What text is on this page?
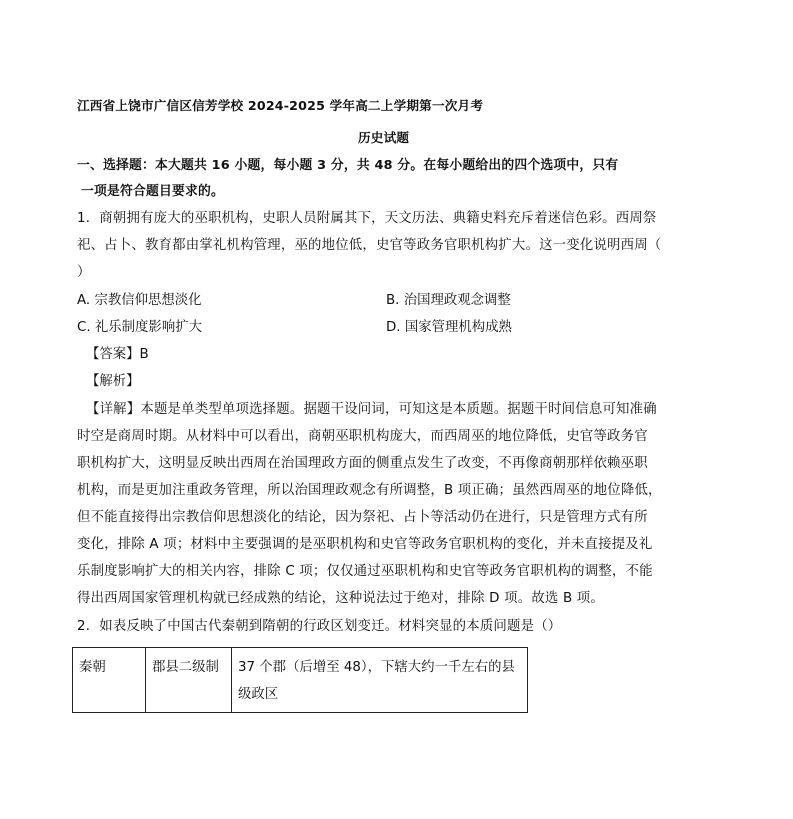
江西省上饶市广信区信芳学校 2024-2025 学年高二上学期第一次月考
历史试题
一、选择题：本大题共 16 小题，每小题 3 分，共 48 分。在每小题给出的四个选项中，只有
一项是符合题目要求的。
1．商朝拥有庞大的巫职机构，史职人员附属其下，天文历法、典籍史料充斥着迷信色彩。西周祭
祀、占卜、教育都由掌礼机构管理，巫的地位低，史官等政务官职机构扩大。这一变化说明西周（
）
A. 宗教信仰思想淡化	B. 治国理政观念调整
C. 礼乐制度影响扩大	D. 国家管理机构成熟
【答案】B
【解析】
【详解】本题是单类型单项选择题。据题干设问词，可知这是本质题。据题干时间信息可知准确
时空是商周时期。从材料中可以看出，商朝巫职机构庞大，而西周巫的地位降低，史官等政务官
职机构扩大，这明显反映出西周在治国理政方面的侧重点发生了改变，不再像商朝那样依赖巫职
机构，而是更加注重政务管理，所以治国理政观念有所调整，B 项正确；虽然西周巫的地位降低，
但不能直接得出宗教信仰思想淡化的结论，因为祭祀、占卜等活动仍在进行，只是管理方式有所
变化，排除 A 项；材料中主要强调的是巫职机构和史官等政务官职机构的变化，并未直接提及礼
乐制度影响扩大的相关内容，排除 C 项；仅仅通过巫职机构和史官等政务官职机构的调整，不能
得出西周国家管理机构就已经成熟的结论，这种说法过于绝对，排除 D 项。故选 B 项。
2．如表反映了中国古代秦朝到隋朝的行政区划变迁。材料突显的本质问题是（）
秦朝	郡县二级制	37 个郡（后增至 48），下辖大约一千左右的县级政区
